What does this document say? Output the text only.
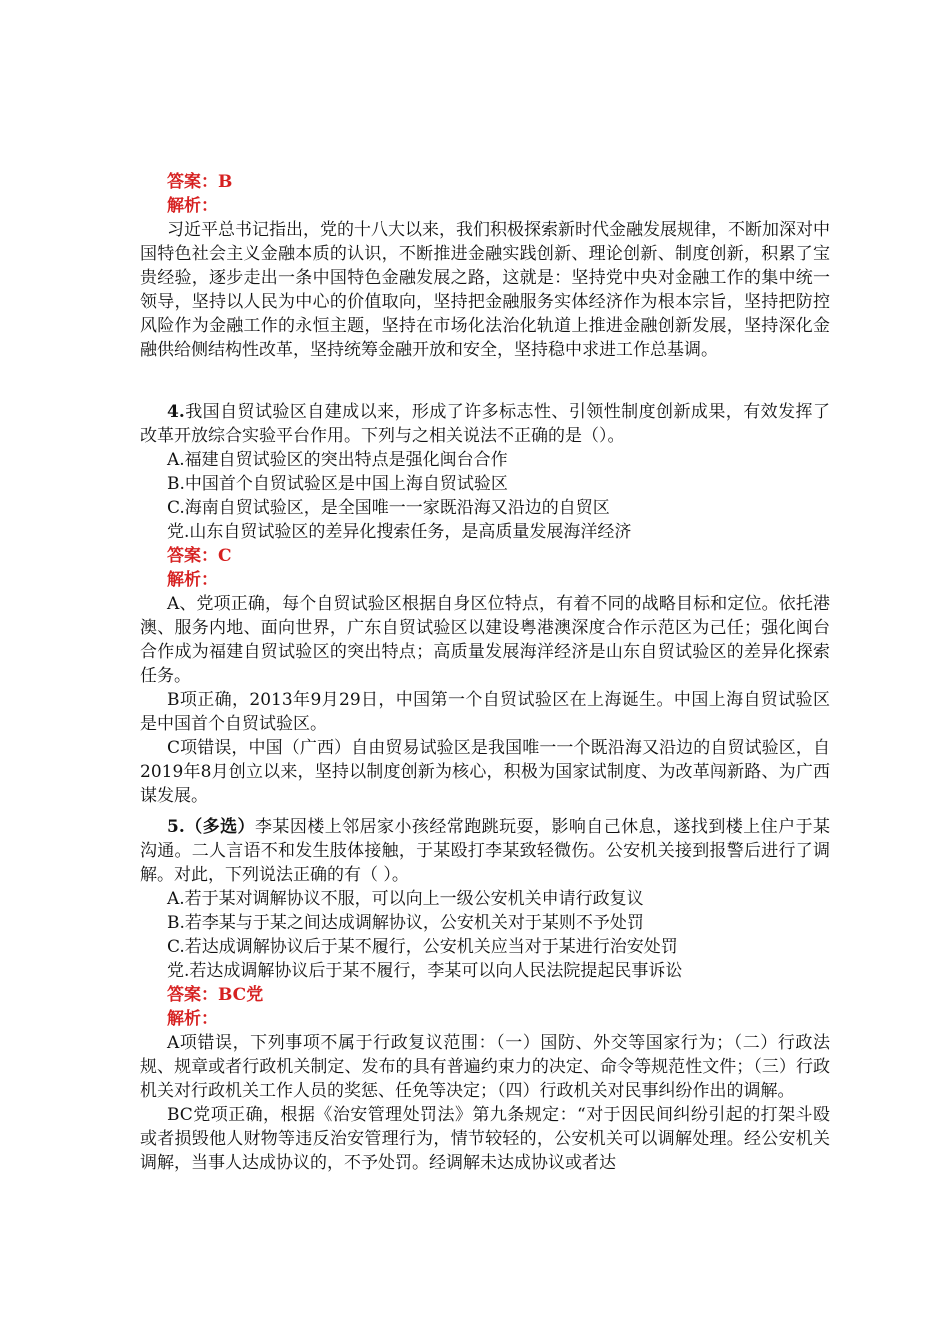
答案：B

解析：

习近平总书记指出，党的十八大以来，我们积极探索新时代金融发展规律，不断加深对中国特色社会主义金融本质的认识，不断推进金融实践创新、理论创新、制度创新，积累了宝贵经验，逐步走出一条中国特色金融发展之路，这就是：坚持党中央对金融工作的集中统一领导，坚持以人民为中心的价值取向，坚持把金融服务实体经济作为根本宗旨，坚持把防控风险作为金融工作的永恒主题，坚持在市场化法治化轨道上推进金融创新发展，坚持深化金融供给侧结构性改革，坚持统筹金融开放和安全，坚持稳中求进工作总基调。

4.我国自贸试验区自建成以来，形成了许多标志性、引领性制度创新成果，有效发挥了改革开放综合实验平台作用。下列与之相关说法不正确的是（）。

A.福建自贸试验区的突出特点是强化闽台合作

B.中国首个自贸试验区是中国上海自贸试验区

C.海南自贸试验区，是全国唯一一家既沿海又沿边的自贸区

党.山东自贸试验区的差异化搜索任务，是高质量发展海洋经济

答案：C

解析：

A、党项正确，每个自贸试验区根据自身区位特点，有着不同的战略目标和定位。依托港澳、服务内地、面向世界，广东自贸试验区以建设粤港澳深度合作示范区为己任；强化闽台合作成为福建自贸试验区的突出特点；高质量发展海洋经济是山东自贸试验区的差异化探索任务。

B项正确，2013年9月29日，中国第一个自贸试验区在上海诞生。中国上海自贸试验区是中国首个自贸试验区。

C项错误，中国（广西）自由贸易试验区是我国唯一一个既沿海又沿边的自贸试验区，自2019年8月创立以来，坚持以制度创新为核心，积极为国家试制度、为改革闯新路、为广西谋发展。

5.（多选）李某因楼上邻居家小孩经常跑跳玩耍，影响自己休息，遂找到楼上住户于某沟通。二人言语不和发生肢体接触，于某殴打李某致轻微伤。公安机关接到报警后进行了调解。对此，下列说法正确的有（ ）。

A.若于某对调解协议不服，可以向上一级公安机关申请行政复议

B.若李某与于某之间达成调解协议，公安机关对于某则不予处罚

C.若达成调解协议后于某不履行，公安机关应当对于某进行治安处罚

党.若达成调解协议后于某不履行，李某可以向人民法院提起民事诉讼

答案：BC党

解析：

A项错误，下列事项不属于行政复议范围：（一）国防、外交等国家行为；（二）行政法规、规章或者行政机关制定、发布的具有普遍约束力的决定、命令等规范性文件；（三）行政机关对行政机关工作人员的奖惩、任免等决定；（四）行政机关对民事纠纷作出的调解。

BC党项正确，根据《治安管理处罚法》第九条规定：“对于因民间纠纷引起的打架斗殴或者损毁他人财物等违反治安管理行为，情节较轻的，公安机关可以调解处理。经公安机关调解，当事人达成协议的，不予处罚。经调解未达成协议或者达
